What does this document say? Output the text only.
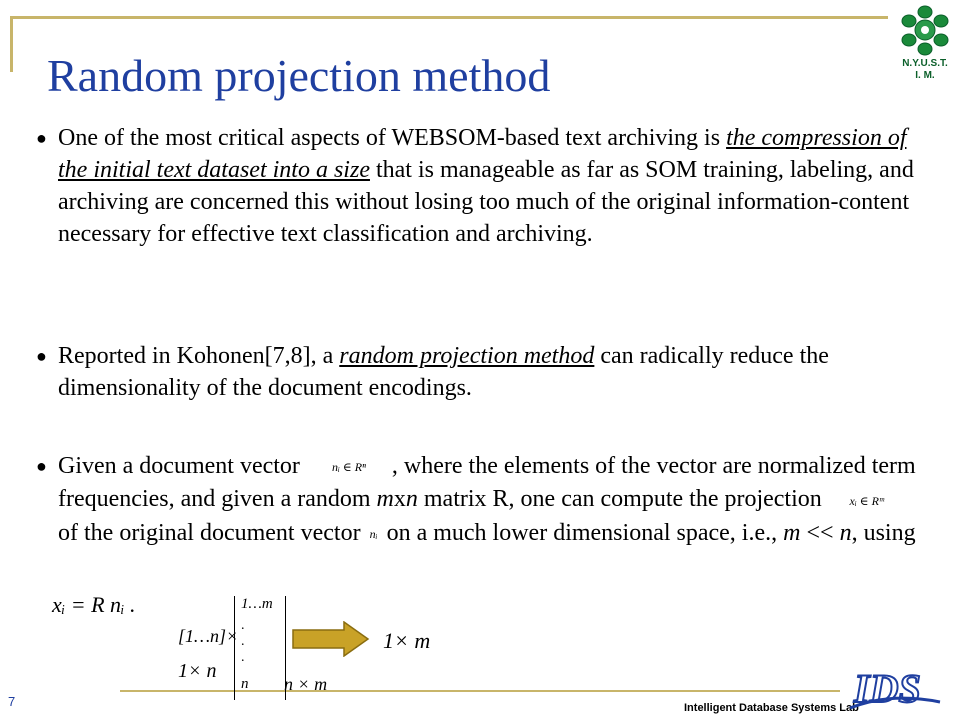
N.Y.U.S.T.
I. M.
Random projection method
● One of the most critical aspects of WEBSOM-based text archiving is the compression of the initial text dataset into a size that is manageable as far as SOM training, labeling, and archiving are concerned this without losing too much of the original information-content necessary for effective text classification and archiving.

● Reported in Kohonen[7,8], a random projection method can radically reduce the dimensionality of the document encodings.

● Given a document vector	nᵢ ∈ Rⁿ , where the elements of the vector are normalized term frequencies, and given a random mxn matrix R, one can compute the projection xᵢ ∈ Rᵐ of the original document vector nᵢ on a much lower dimensional space, i.e., m << n, using

xᵢ = R nᵢ .
[1…n]×
1× n
1…m
.
.
.
n n × m
1× m
7	Intelligent Database Systems Lab
IDS
